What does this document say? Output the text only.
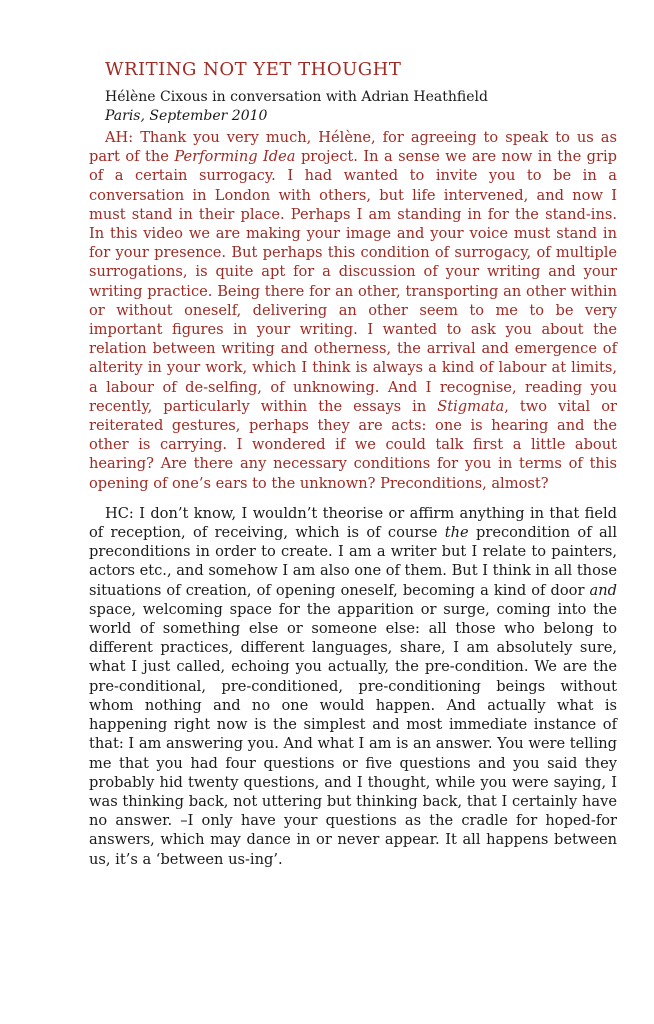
WRITING NOT YET THOUGHT
Hélène Cixous in conversation with Adrian Heathfield
Paris, September 2010

AH: Thank you very much, Hélène, for agreeing to speak to us as part of the Performing Idea project. In a sense we are now in the grip of a certain surrogacy. I had wanted to invite you to be in a conversation in London with others, but life intervened, and now I must stand in their place. Perhaps I am standing in for the stand-ins. In this video we are making your image and your voice must stand in for your presence. But perhaps this condition of surrogacy, of multiple surrogations, is quite apt for a discussion of your writing and your writing practice. Being there for an other, transporting an other within or without oneself, delivering an other seem to me to be very important figures in your writing. I wanted to ask you about the relation between writing and otherness, the arrival and emergence of alterity in your work, which I think is always a kind of labour at limits, a labour of de-selfing, of unknowing. And I recognise, reading you recently, particularly within the essays in Stigmata, two vital or reiterated gestures, perhaps they are acts: one is hearing and the other is carrying. I wondered if we could talk first a little about hearing? Are there any necessary conditions for you in terms of this opening of one’s ears to the unknown? Preconditions, almost?

HC: I don’t know, I wouldn’t theorise or affirm anything in that field of reception, of receiving, which is of course the precondition of all preconditions in order to create. I am a writer but I relate to painters, actors etc., and somehow I am also one of them. But I think in all those situations of creation, of opening oneself, becoming a kind of door and space, welcoming space for the apparition or surge, coming into the world of something else or someone else: all those who belong to different practices, different languages, share, I am absolutely sure, what I just called, echoing you actually, the pre-condition. We are the pre-conditional, pre-conditioned, pre-conditioning beings without whom nothing and no one would happen. And actually what is happening right now is the simplest and most immediate instance of that: I am answering you. And what I am is an answer. You were telling me that you had four questions or five questions and you said they probably hid twenty questions, and I thought, while you were saying, I was thinking back, not uttering but thinking back, that I certainly have no answer. –I only have your questions as the cradle for hoped-for answers, which may dance in or never appear. It all happens between us, it’s a ‘between us-ing’.
